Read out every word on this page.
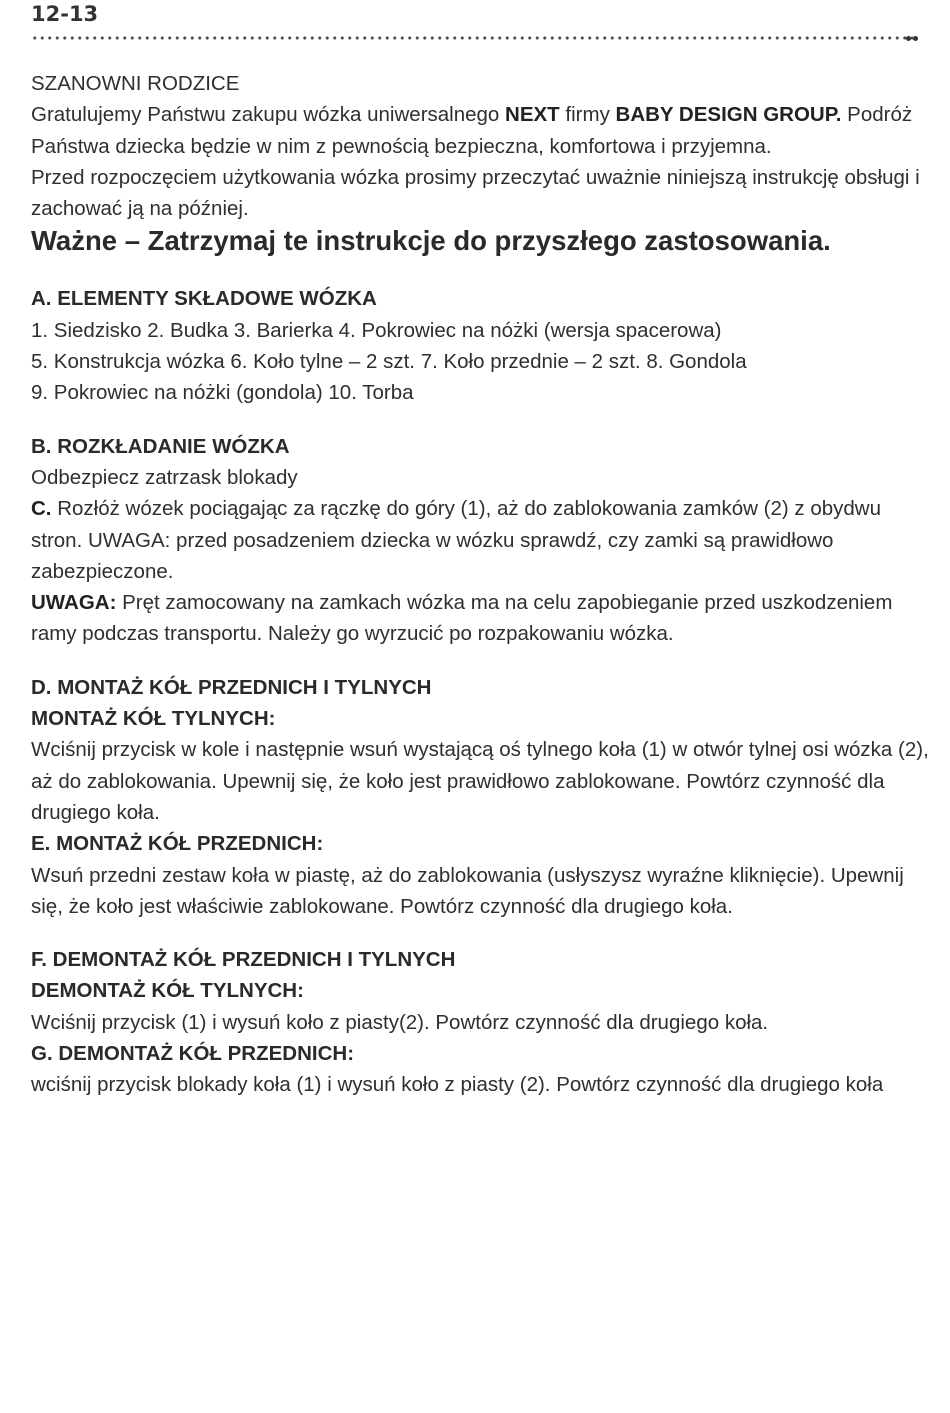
12-13

SZANOWNI RODZICE

Gratulujemy Państwu zakupu wózka uniwersalnego NEXT firmy BABY DESIGN GROUP. Podróż Państwa dziecka będzie w nim z pewnością bezpieczna, komfortowa i przyjemna.

Przed rozpoczęciem użytkowania wózka prosimy przeczytać uważnie niniejszą instrukcję obsługi i zachować ją na później.

Ważne – Zatrzymaj te instrukcje do przyszłego zastosowania.

A. ELEMENTY SKŁADOWE WÓZKA

1. Siedzisko 2. Budka 3. Barierka 4. Pokrowiec na nóżki (wersja spacerowa)

5. Konstrukcja wózka 6. Koło tylne – 2 szt. 7. Koło przednie – 2 szt. 8. Gondola

9. Pokrowiec na nóżki (gondola) 10. Torba

B. ROZKŁADANIE WÓZKA

Odbezpiecz zatrzask blokady

C. Rozłóż wózek pociągając za rączkę do góry (1), aż do zablokowania zamków (2) z obydwu stron. UWAGA: przed posadzeniem dziecka w wózku sprawdź, czy zamki są prawidłowo zabezpieczone.

UWAGA: Pręt zamocowany na zamkach wózka ma na celu zapobieganie przed uszkodzeniem ramy podczas transportu. Należy go wyrzucić po rozpakowaniu wózka.

D. MONTAŻ KÓŁ PRZEDNICH I TYLNYCH

MONTAŻ KÓŁ TYLNYCH:

Wciśnij przycisk w kole i następnie wsuń wystającą oś tylnego koła (1) w otwór tylnej osi wózka (2), aż do zablokowania. Upewnij się, że koło jest prawidłowo zablokowane. Powtórz czynność dla drugiego koła.

E. MONTAŻ KÓŁ PRZEDNICH:

Wsuń przedni zestaw koła w piastę, aż do zablokowania (usłyszysz wyraźne kliknięcie). Upewnij się, że koło jest właściwie zablokowane. Powtórz czynność dla drugiego koła.

F. DEMONTAŻ KÓŁ PRZEDNICH I TYLNYCH

DEMONTAŻ KÓŁ TYLNYCH:

Wciśnij przycisk (1) i wysuń koło z piasty(2). Powtórz czynność dla drugiego koła.

G. DEMONTAŻ KÓŁ PRZEDNICH:

wciśnij przycisk blokady koła (1) i wysuń koło z piasty (2). Powtórz czynność dla drugiego koła
